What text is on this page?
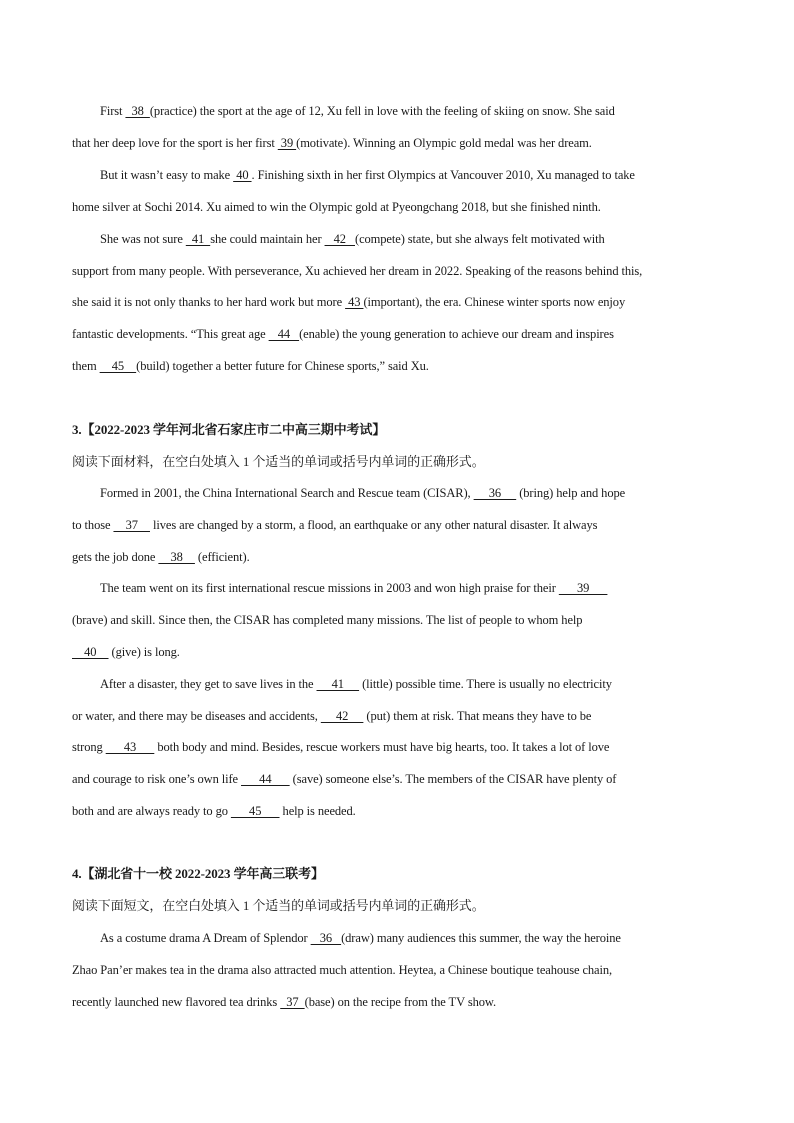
First   38  (practice) the sport at the age of 12, Xu fell in love with the feeling of skiing on snow. She said
that her deep love for the sport is her first  39 (motivate). Winning an Olympic gold medal was her dream.
But it wasn’t easy to make  40 . Finishing sixth in her first Olympics at Vancouver 2010, Xu managed to take
home silver at Sochi 2014. Xu aimed to win the Olympic gold at Pyeongchang 2018, but she finished ninth.
She was not sure   41  she could maintain her    42   (compete) state, but she always felt motivated with
support from many people. With perseverance, Xu achieved her dream in 2022. Speaking of the reasons behind this,
she said it is not only thanks to her hard work but more  43 (important), the era. Chinese winter sports now enjoy
fantastic developments. “This great age    44   (enable) the young generation to achieve our dream and inspires
them     45    (build) together a better future for Chinese sports,” said Xu.
3.【2022-2023 学年河北省石家庄市二中高三期中考试】
阅读下面材料，在空白处填入 1 个适当的单词或括号内单词的正确形式。
Formed in 2001, the China International Search and Rescue team (CISAR),      36      (bring) help and hope
to those     37     lives are changed by a storm, a flood, an earthquake or any other natural disaster. It always
gets the job done     38     (efficient).
The team went on its first international rescue missions in 2003 and won high praise for their       39
(brave) and skill. Since then, the CISAR has completed many missions. The list of people to whom help
40     (give) is long.
After a disaster, they get to save lives in the      41      (little) possible time. There is usually no electricity
or water, and there may be diseases and accidents,      42      (put) them at risk. That means they have to be
strong       43       both body and mind. Besides, rescue workers must have big hearts, too. It takes a lot of love
and courage to risk one’s own life       44       (save) someone else’s. The members of the CISAR have plenty of
both and are always ready to go       45       help is needed.
4.【湖北省十一校 2022-2023 学年高三联考】
阅读下面短文，在空白处填入 1 个适当的单词或括号内单词的正确形式。
As a costume drama A Dream of Splendor    36   (draw) many audiences this summer, the way the heroine
Zhao Pan’er makes tea in the drama also attracted much attention. Heytea, a Chinese boutique teahouse chain,
recently launched new flavored tea drinks   37  (base) on the recipe from the TV show.
